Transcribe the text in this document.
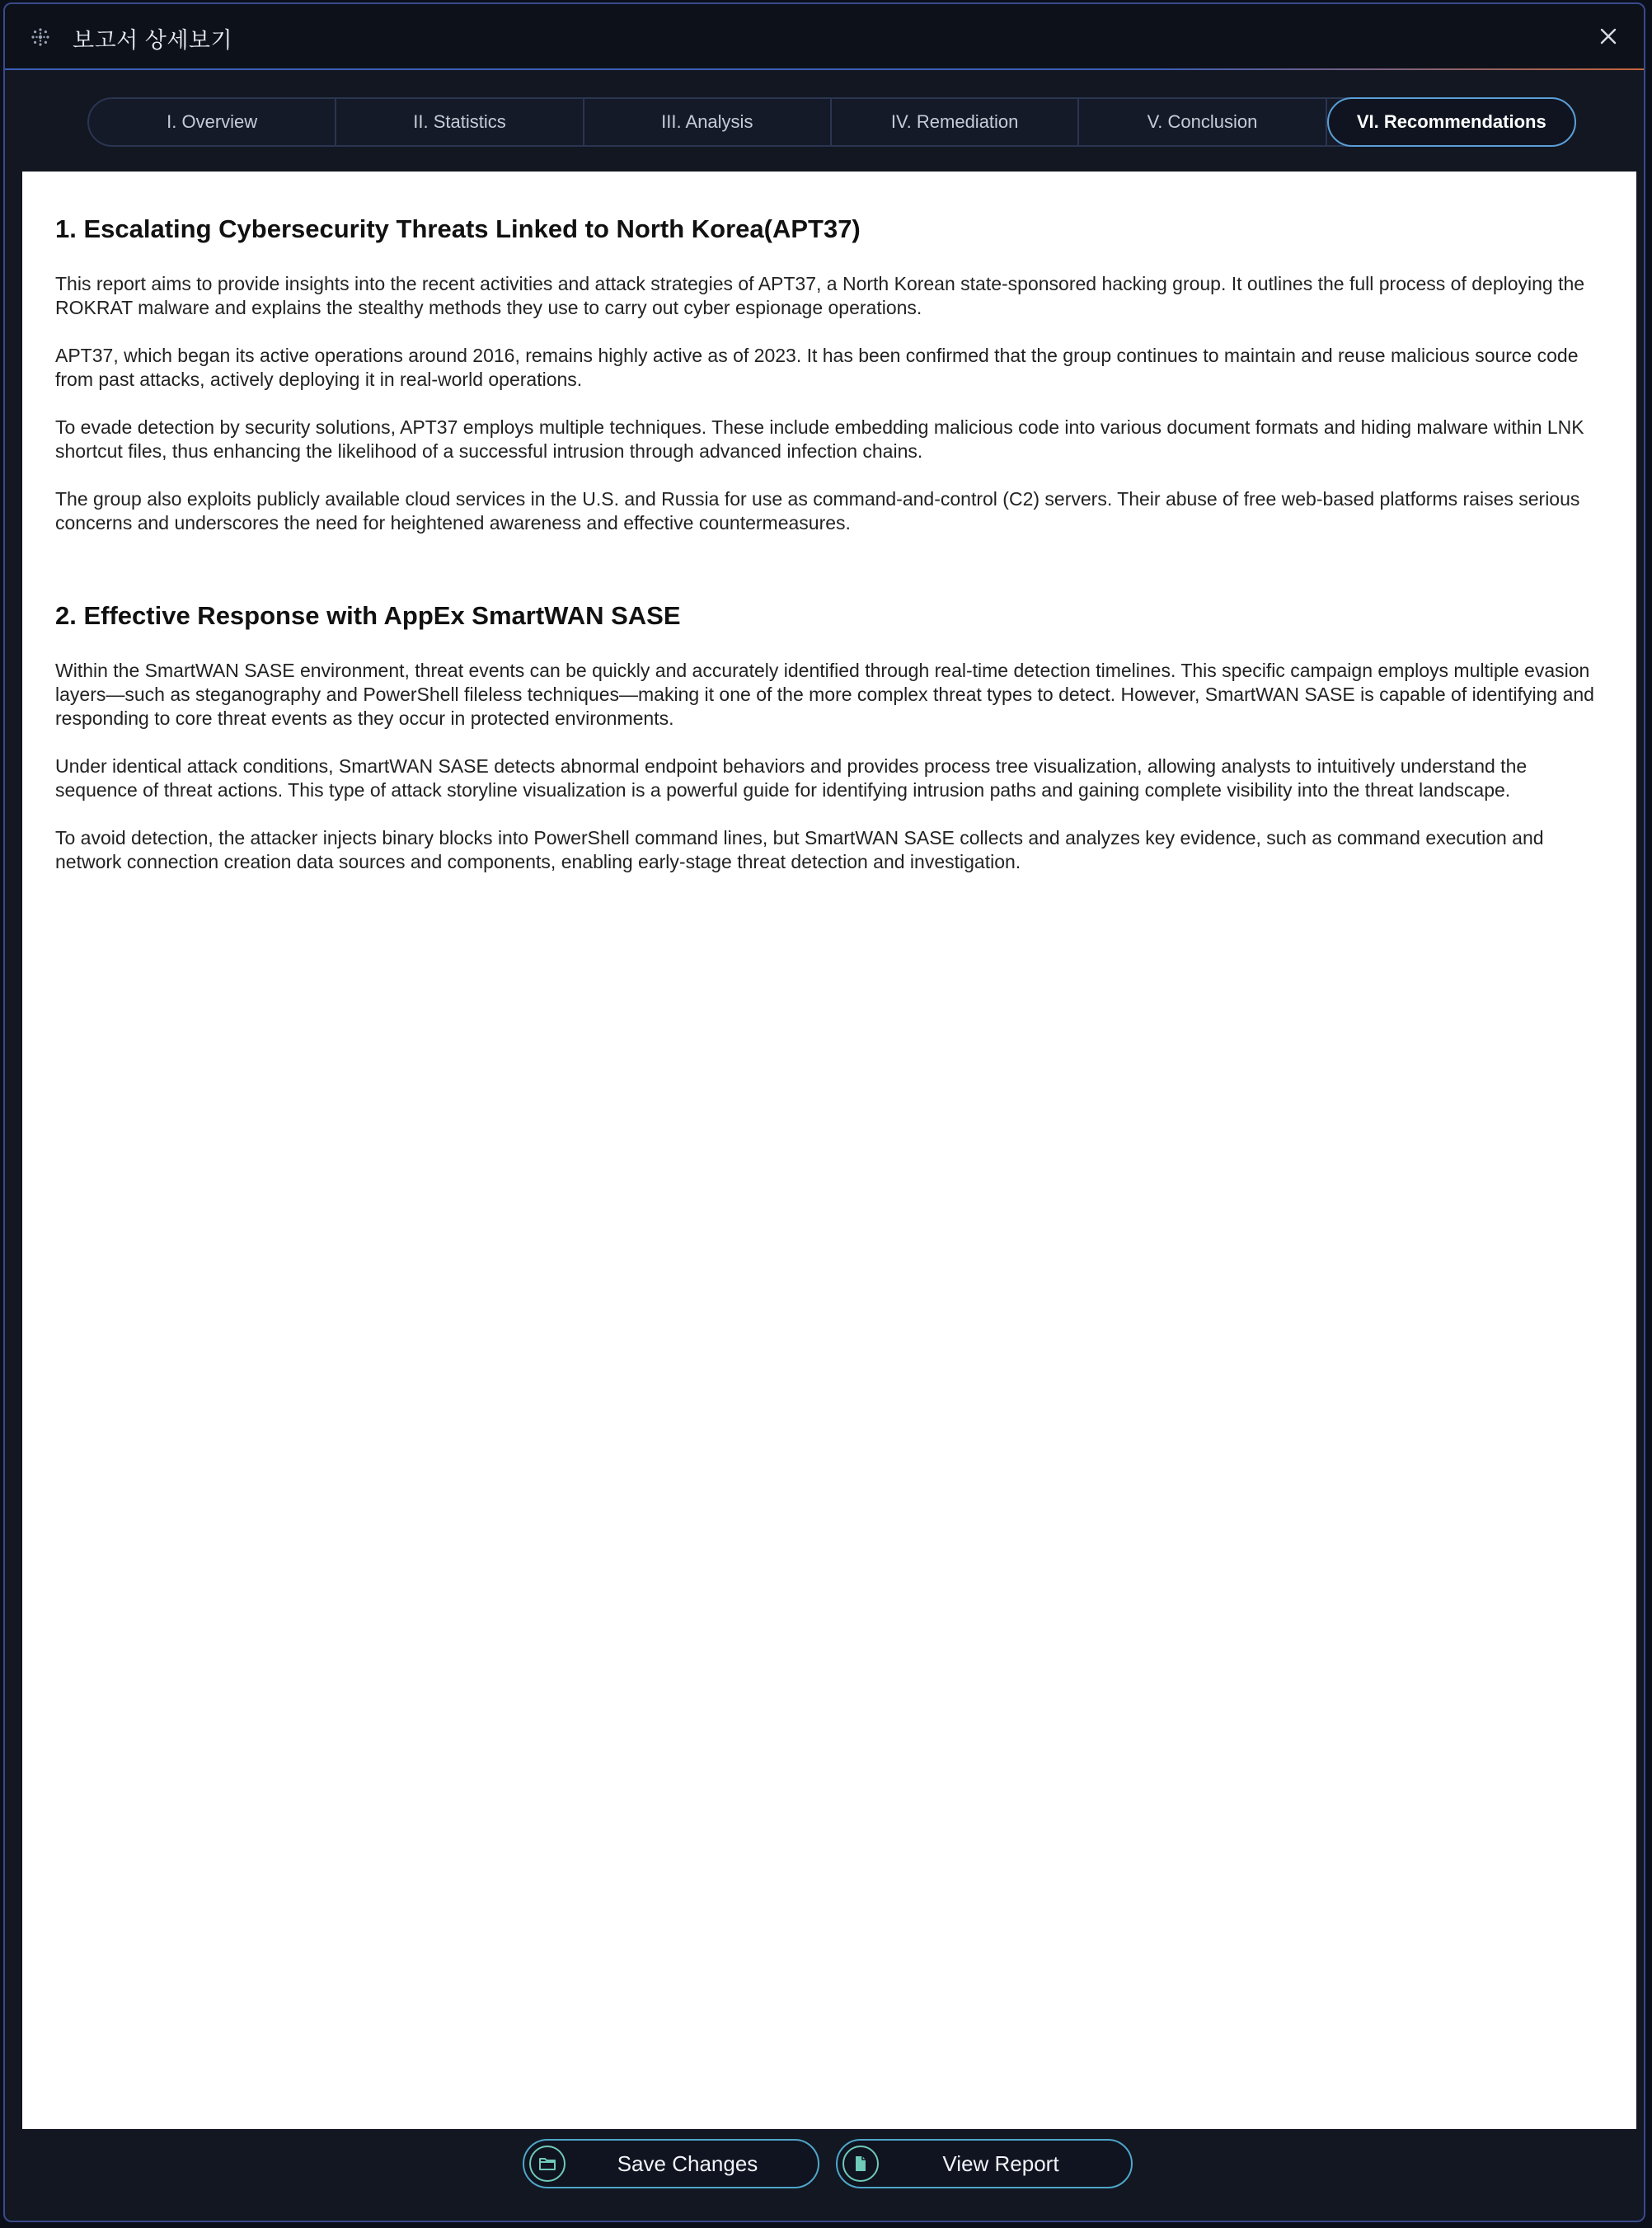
보고서 상세보기
I. Overview	II. Statistics	III. Analysis	IV. Remediation	V. Conclusion	VI. Recommendations
1. Escalating Cybersecurity Threats Linked to North Korea(APT37)

This report aims to provide insights into the recent activities and attack strategies of APT37, a North Korean state-sponsored hacking group. It outlines the full process of deploying the ROKRAT malware and explains the stealthy methods they use to carry out cyber espionage operations.

APT37, which began its active operations around 2016, remains highly active as of 2023. It has been confirmed that the group continues to maintain and reuse malicious source code from past attacks, actively deploying it in real-world operations.

To evade detection by security solutions, APT37 employs multiple techniques. These include embedding malicious code into various document formats and hiding malware within LNK shortcut files, thus enhancing the likelihood of a successful intrusion through advanced infection chains.

The group also exploits publicly available cloud services in the U.S. and Russia for use as command-and-control (C2) servers. Their abuse of free web-based platforms raises serious concerns and underscores the need for heightened awareness and effective countermeasures.

2. Effective Response with AppEx SmartWAN SASE

Within the SmartWAN SASE environment, threat events can be quickly and accurately identified through real-time detection timelines. This specific campaign employs multiple evasion layers—such as steganography and PowerShell fileless techniques—making it one of the more complex threat types to detect. However, SmartWAN SASE is capable of identifying and responding to core threat events as they occur in protected environments.

Under identical attack conditions, SmartWAN SASE detects abnormal endpoint behaviors and provides process tree visualization, allowing analysts to intuitively understand the sequence of threat actions. This type of attack storyline visualization is a powerful guide for identifying intrusion paths and gaining complete visibility into the threat landscape.

To avoid detection, the attacker injects binary blocks into PowerShell command lines, but SmartWAN SASE collects and analyzes key evidence, such as command execution and network connection creation data sources and components, enabling early-stage threat detection and investigation.

Save Changes	View Report
